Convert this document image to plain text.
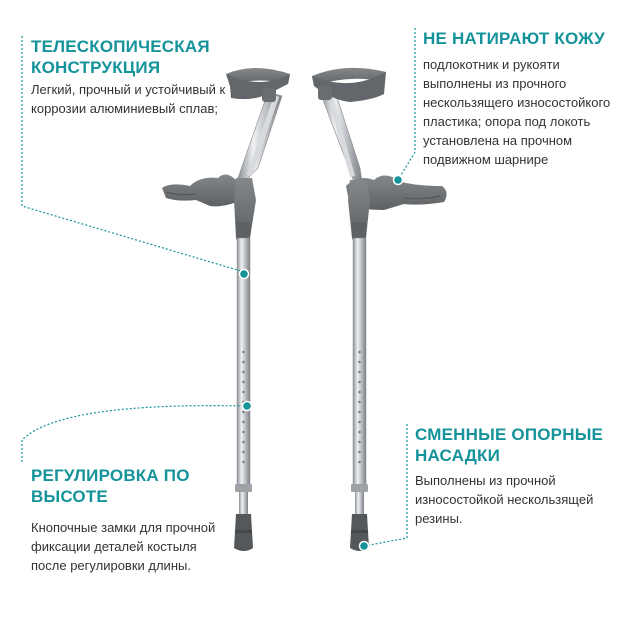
ТЕЛЕСКОПИЧЕСКАЯ КОНСТРУКЦИЯ
Легкий, прочный и устойчивый к коррозии алюминиевый сплав;
НЕ НАТИРАЮТ КОЖУ
подлокотник и рукояти выполнены из прочного нескользящего износостойкого пластика; опора под локоть установлена на прочном подвижном шарнире
РЕГУЛИРОВКА ПО ВЫСОТЕ
Кнопочные замки для прочной фиксации деталей костыля после регулировки длины.
СМЕННЫЕ ОПОРНЫЕ НАСАДКИ
Выполнены из прочной износостойкой нескользящей резины.
